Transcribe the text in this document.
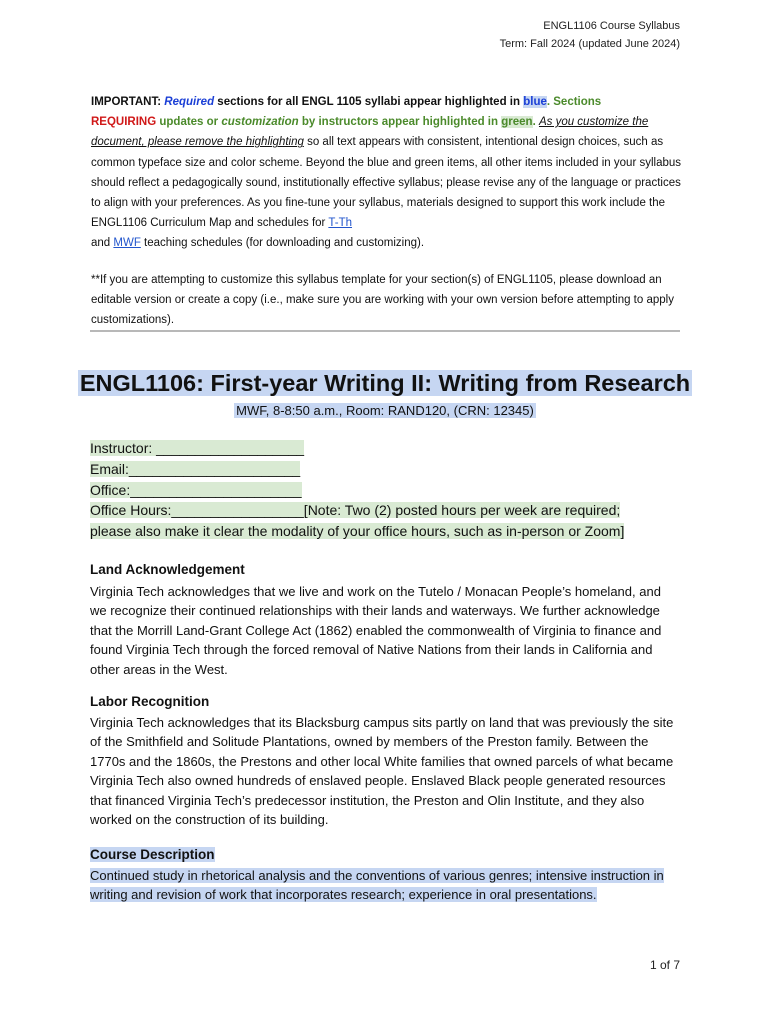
ENGL1106 Course Syllabus
Term: Fall 2024 (updated June 2024)
IMPORTANT: Required sections for all ENGL 1105 syllabi appear highlighted in blue. Sections
REQUIRING updates or customization by instructors appear highlighted in green. As you customize the document, please remove the highlighting so all text appears with consistent, intentional design choices, such as common typeface size and color scheme. Beyond the blue and green items, all other items included in your syllabus should reflect a pedagogically sound, institutionally effective syllabus; please revise any of the language or practices to align with your preferences. As you fine-tune your syllabus, materials designed to support this work include the ENGL1106 Curriculum Map and schedules for T-Th
and MWF teaching schedules (for downloading and customizing).
**If you are attempting to customize this syllabus template for your section(s) of ENGL1105, please download an editable version or create a copy (i.e., make sure you are working with your own version before attempting to apply customizations).
ENGL1106: First-year Writing II: Writing from Research
MWF, 8-8:50 a.m., Room: RAND120, (CRN: 12345)
Instructor: ___________________
Email:______________________
Office:______________________
Office Hours:_________________[Note: Two (2) posted hours per week are required;
please also make it clear the modality of your office hours, such as in-person or Zoom]
Land Acknowledgement
Virginia Tech acknowledges that we live and work on the Tutelo / Monacan People’s homeland, and we recognize their continued relationships with their lands and waterways. We further acknowledge that the Morrill Land-Grant College Act (1862) enabled the commonwealth of Virginia to finance and found Virginia Tech through the forced removal of Native Nations from their lands in California and other areas in the West.
Labor Recognition
Virginia Tech acknowledges that its Blacksburg campus sits partly on land that was previously the site of the Smithfield and Solitude Plantations, owned by members of the Preston family. Between the 1770s and the 1860s, the Prestons and other local White families that owned parcels of what became Virginia Tech also owned hundreds of enslaved people. Enslaved Black people generated resources that financed Virginia Tech’s predecessor institution, the Preston and Olin Institute, and they also worked on the construction of its building.
Course Description
Continued study in rhetorical analysis and the conventions of various genres; intensive instruction in writing and revision of work that incorporates research; experience in oral presentations.
1 of 7
